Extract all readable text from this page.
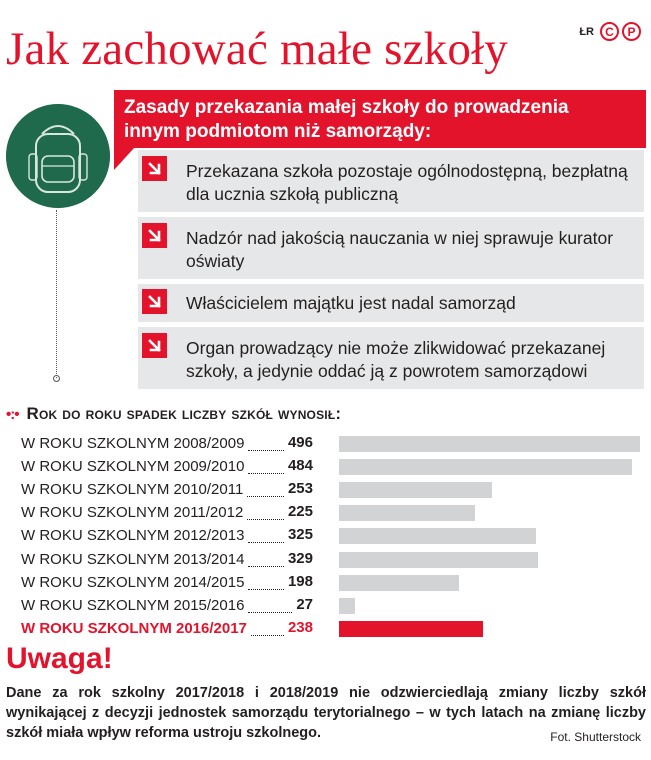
Jak zachować małe szkoły	ŁR C	P
Zasady przekazania małej szkoły do prowadzenia
innym podmiotom niż samorządy:
Przekazana szkoła pozostaje ogólnodostępną, bezpłatną dla ucznia szkołą publiczną
Nadzór nad jakością nauczania w niej sprawuje kurator oświaty
Właścicielem majątku jest nadal samorząd
Organ prowadzący nie może zlikwidować przekazanej szkoły, a jedynie oddać ją z powrotem samorządowi
•:• Rok do roku spadek liczby szkół wynosił:
W ROKU SZKOLNYM 2008/2009	496
W ROKU SZKOLNYM 2009/2010	484
W ROKU SZKOLNYM 2010/2011	253
W ROKU SZKOLNYM 2011/2012	225
W ROKU SZKOLNYM 2012/2013	325
W ROKU SZKOLNYM 2013/2014	329
W ROKU SZKOLNYM 2014/2015	198
W ROKU SZKOLNYM 2015/2016	27
W ROKU SZKOLNYM 2016/2017	238
Uwaga!
Dane za rok szkolny 2017/2018 i 2018/2019 nie odzwierciedlają zmiany liczby szkół wynikającej z decyzji jednostek samorządu terytorialnego – w tych latach na zmianę liczby szkół miała wpływ reforma ustroju szkolnego.	Fot. Shutterstock
